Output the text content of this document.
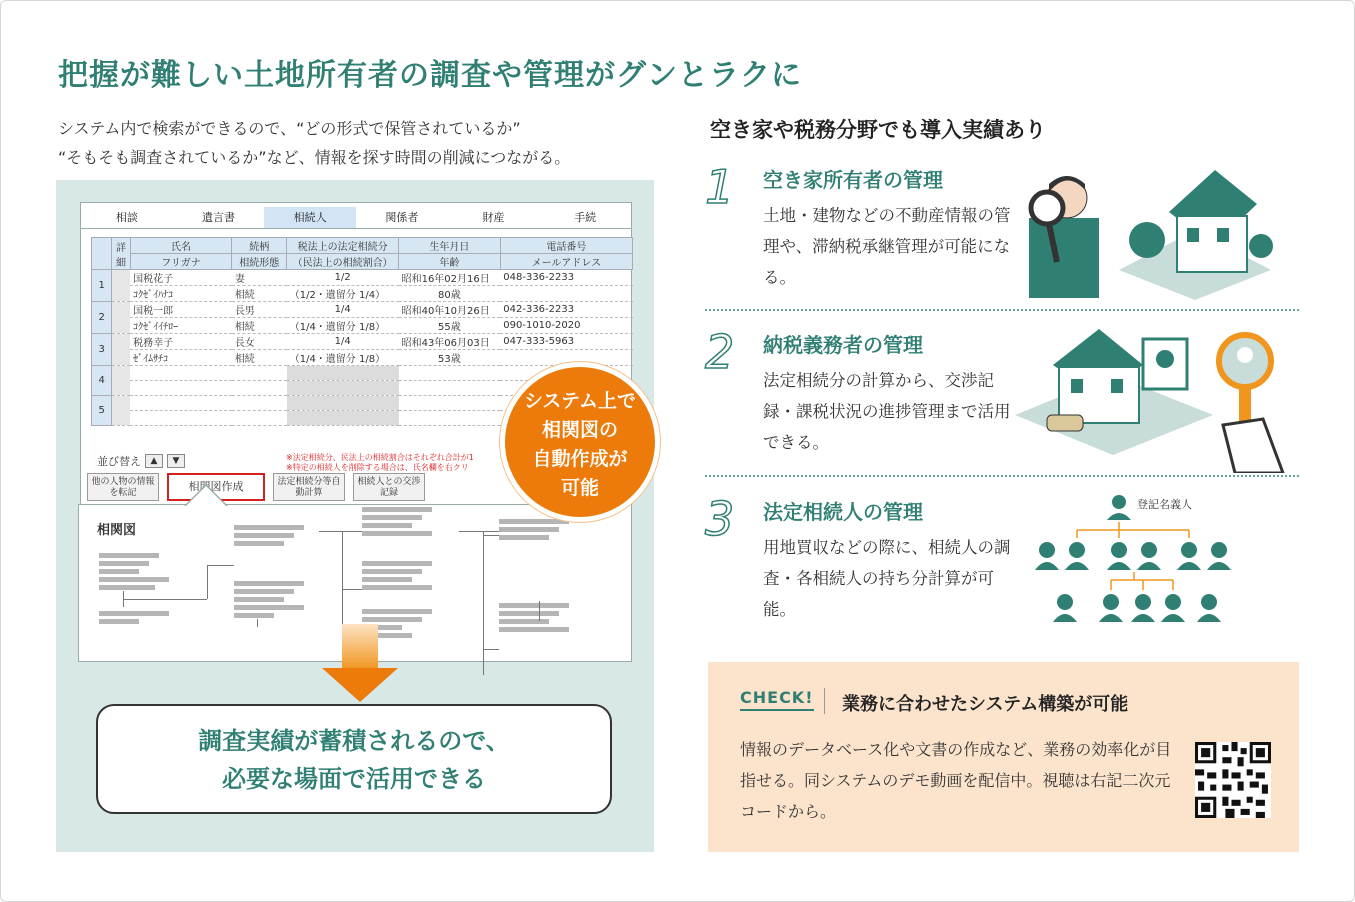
把握が難しい土地所有者の調査や管理がグンとラクに
システム内で検索ができるので、“どの形式で保管されているか”
“そもそも調査されているか”など、情報を探す時間の削減につながる。
相談	遺言書	相続人	関係者	財産	手続
	詳細	氏名	続柄	税法上の法定相続分	生年月日	電話番号
		フリガナ	相続形態	（民法上の相続割合）	年齢	メールアドレス
1		国税花子	妻	1/2	昭和16年02月16日	048-336-2233
		ｺｸｾﾞｲﾊﾅｺ	相続	（1/2・遺留分 1/4）	80歳	
2		国税一郎	長男	1/4	昭和40年10月26日	042-336-2233
		ｺｸｾﾞｲｲﾁﾛｰ	相続	（1/4・遺留分 1/8）	55歳	090-1010-2020
3		税務幸子	長女	1/4	昭和43年06月03日	047-333-5963
		ｾﾞｲﾑｻﾁｺ	相続	（1/4・遺留分 1/8）	53歳	
4						

5						

並び替え	▲	▼	※法定相続分、民法上の相続割合はそれぞれ合計が1
※特定の相続人を削除する場合は、氏名欄を右クリ
他の人物の情報を転記	相関図作成	法定相続分等自動計算
相続人との交渉記録
相関図
調査実績が蓄積されるので、
必要な場面で活用できる
システム上で
相関図の
自動作成が
可能
空き家や税務分野でも導入実績あり
1 空き家所有者の管理
土地・建物などの不動産情報の管理や、滞納税承継管理が可能になる。
2 納税義務者の管理
法定相続分の計算から、交渉記録・課税状況の進捗管理まで活用できる。
3 法定相続人の管理
用地買収などの際に、相続人の調査・各相続人の持ち分計算が可能。
登記名義人
CHECK! 業務に合わせたシステム構築が可能
情報のデータベース化や文書の作成など、業務の効率化が目指せる。同システムのデモ動画を配信中。視聴は右記二次元コードから。
